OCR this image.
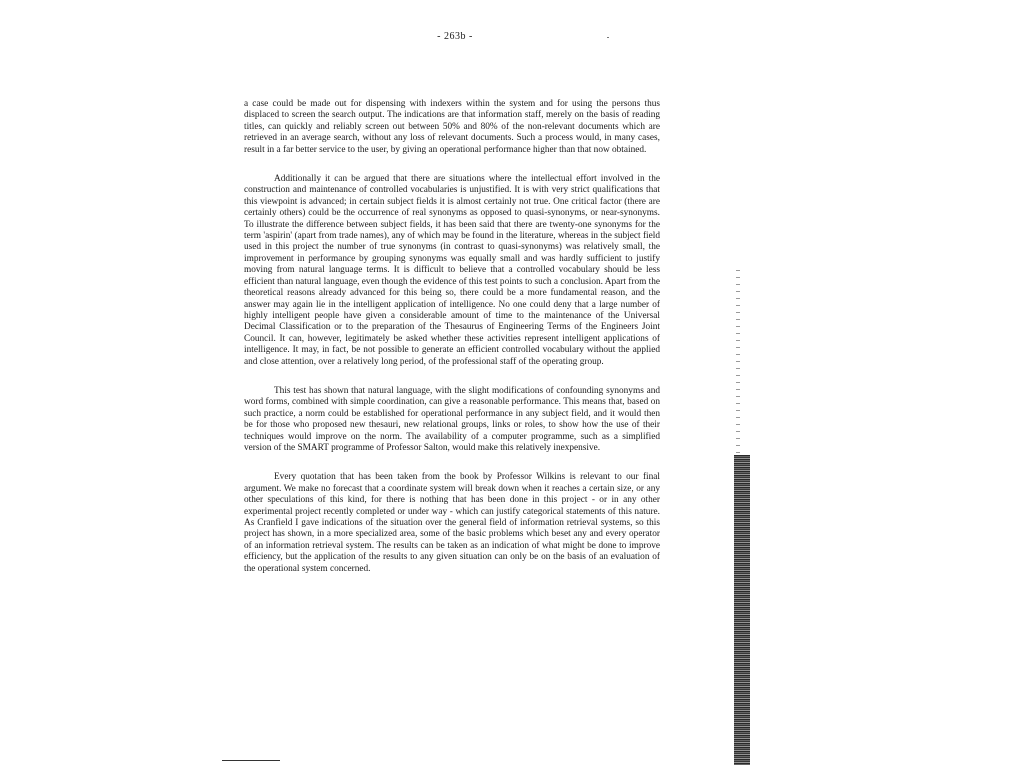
- 263b -

a case could be made out for dispensing with indexers within the system and for using the persons thus displaced to screen the search output. The indications are that information staff, merely on the basis of reading titles, can quickly and reliably screen out between 50% and 80% of the non-relevant documents which are retrieved in an average search, without any loss of relevant documents. Such a process would, in many cases, result in a far better service to the user, by giving an operational performance higher than that now obtained.

Additionally it can be argued that there are situations where the intellectual effort involved in the construction and maintenance of controlled vocabularies is unjustified. It is with very strict qualifications that this viewpoint is advanced; in certain subject fields it is almost certainly not true. One critical factor (there are certainly others) could be the occurrence of real synonyms as opposed to quasi-synonyms, or near-synonyms. To illustrate the difference between subject fields, it has been said that there are twenty-one synonyms for the term 'aspirin' (apart from trade names), any of which may be found in the literature, whereas in the subject field used in this project the number of true synonyms (in contrast to quasi-synonyms) was relatively small, the improvement in performance by grouping synonyms was equally small and was hardly sufficient to justify moving from natural language terms. It is difficult to believe that a controlled vocabulary should be less efficient than natural language, even though the evidence of this test points to such a conclusion. Apart from the theoretical reasons already advanced for this being so, there could be a more fundamental reason, and the answer may again lie in the intelligent application of intelligence. No one could deny that a large number of highly intelligent people have given a considerable amount of time to the maintenance of the Universal Decimal Classification or to the preparation of the Thesaurus of Engineering Terms of the Engineers Joint Council. It can, however, legitimately be asked whether these activities represent intelligent applications of intelligence. It may, in fact, be not possible to generate an efficient controlled vocabulary without the applied and close attention, over a relatively long period, of the professional staff of the operating group.

This test has shown that natural language, with the slight modifications of confounding synonyms and word forms, combined with simple coordination, can give a reasonable performance. This means that, based on such practice, a norm could be established for operational performance in any subject field, and it would then be for those who proposed new thesauri, new relational groups, links or roles, to show how the use of their techniques would improve on the norm. The availability of a computer programme, such as a simplified version of the SMART programme of Professor Salton, would make this relatively inexpensive.

Every quotation that has been taken from the book by Professor Wilkins is relevant to our final argument. We make no forecast that a coordinate system will break down when it reaches a certain size, or any other speculations of this kind, for there is nothing that has been done in this project - or in any other experimental project recently completed or under way - which can justify categorical statements of this nature. As Cranfield I gave indications of the situation over the general field of information retrieval systems, so this project has shown, in a more specialized area, some of the basic problems which beset any and every operator of an information retrieval system. The results can be taken as an indication of what might be done to improve efficiency, but the application of the results to any given situation can only be on the basis of an evaluation of the operational system concerned.
